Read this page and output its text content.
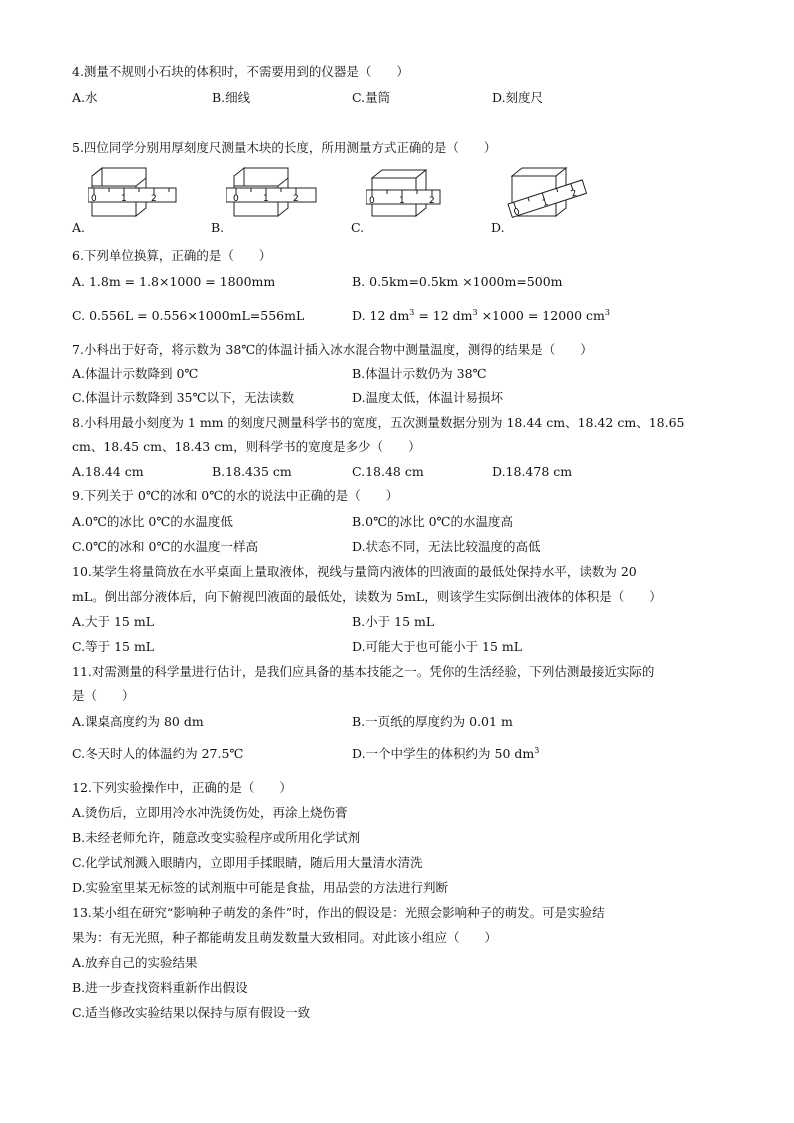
4.测量不规则小石块的体积时，不需要用到的仪器是（　　）
A.水	B.细线	C.量筒	D.刻度尺
5.四位同学分别用厚刻度尺测量木块的长度，所用测量方式正确的是（　　）
0	1	2
A.
0	1	2
B.
0	1	2
C.
0
1
2
D.
6.下列单位换算，正确的是（　　）
A. 1.8m = 1.8×1000 = 1800mm	B. 0.5km=0.5km ×1000m=500m
C. 0.556L = 0.556×1000mL=556mL	D. 12 $dm^3 = 12$ $dm^3 \times 1000 = 12000$ $cm^3$
7.小科出于好奇，将示数为 38℃的体温计插入冰水混合物中测量温度，测得的结果是（　　）
A.体温计示数降到 0℃	B.体温计示数仍为 38℃
C.体温计示数降到 35℃以下，无法读数	D.温度太低，体温计易损坏
8.小科用最小刻度为 1 mm 的刻度尺测量科学书的宽度，五次测量数据分别为 18.44 cm、18.42 cm、18.65
cm、18.45 cm、18.43 cm，则科学书的宽度是多少（　　）
A.18.44 cm	B.18.435 cm	C.18.48 cm	D.18.478 cm
9.下列关于 0℃的冰和 0℃的水的说法中正确的是（　　）
A.0℃的冰比 0℃的水温度低	B.0℃的冰比 0℃的水温度高
C.0℃的冰和 0℃的水温度一样高	D.状态不同，无法比较温度的高低
10.某学生将量筒放在水平桌面上量取液体，视线与量筒内液体的凹液面的最低处保持水平，读数为 20
mL。倒出部分液体后，向下俯视凹液面的最低处，读数为 5mL，则该学生实际倒出液体的体积是（　　）
A.大于 15 mL	B.小于 15 mL
C.等于 15 mL	D.可能大于也可能小于 15 mL
11.对需测量的科学量进行估计，是我们应具备的基本技能之一。凭你的生活经验，下列估测最接近实际的
是（　　）
A.课桌高度约为 80 dm	B.一页纸的厚度约为 0.01 m
C.冬天时人的体温约为 27.5℃	D.一个中学生的体积约为 50 $dm^3$
12.下列实验操作中，正确的是（　　）
A.烫伤后，立即用冷水冲洗烫伤处，再涂上烧伤膏
B.未经老师允许，随意改变实验程序或所用化学试剂
C.化学试剂溅入眼睛内，立即用手揉眼睛，随后用大量清水清洗
D.实验室里某无标签的试剂瓶中可能是食盐，用品尝的方法进行判断
13.某小组在研究“影响种子萌发的条件”时，作出的假设是：光照会影响种子的萌发。可是实验结
果为：有无光照，种子都能萌发且萌发数量大致相同。对此该小组应（　　）
A.放弃自己的实验结果
B.进一步查找资料重新作出假设
C.适当修改实验结果以保持与原有假设一致
